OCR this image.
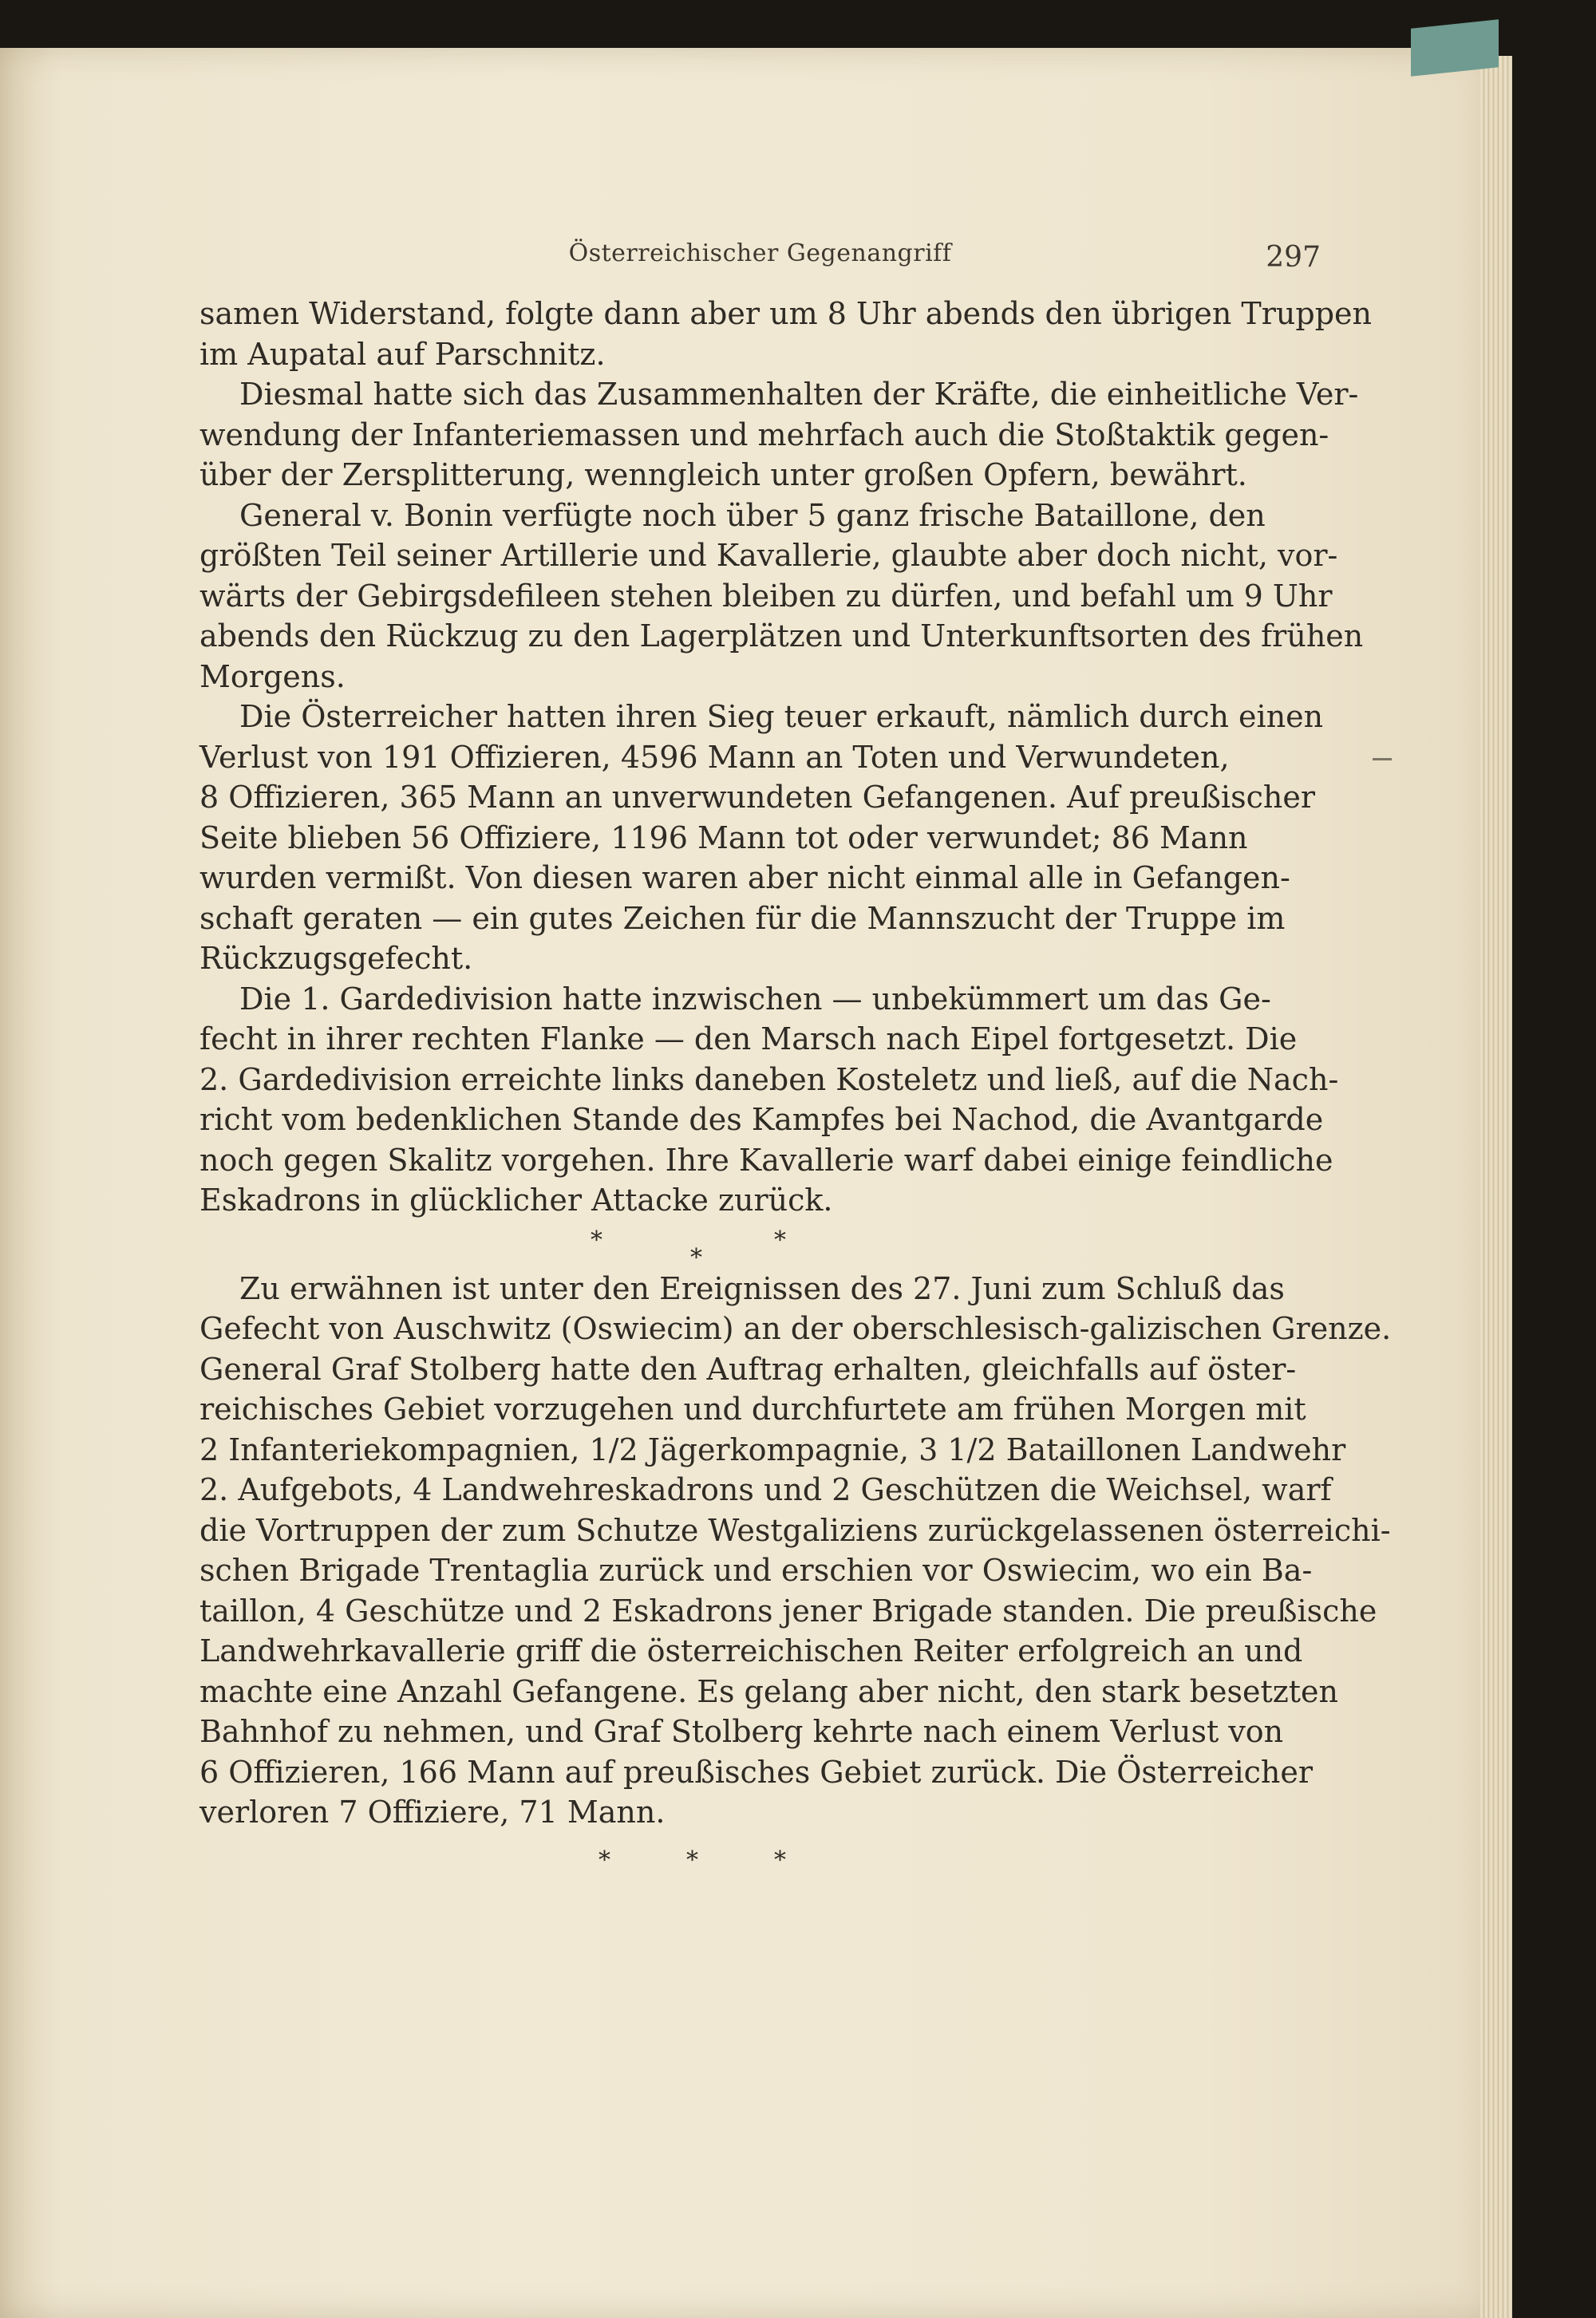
Österreichischer Gegenangriff	297
samen Widerstand, folgte dann aber um 8 Uhr abends den übrigen Truppen
im Aupatal auf Parschnitz.
Diesmal hatte sich das Zusammenhalten der Kräfte, die einheitliche Ver-
wendung der Infanteriemassen und mehrfach auch die Stoßtaktik gegen-
über der Zersplitterung, wenngleich unter großen Opfern, bewährt.
General v. Bonin verfügte noch über 5 ganz frische Bataillone, den
größten Teil seiner Artillerie und Kavallerie, glaubte aber doch nicht, vor-
wärts der Gebirgsdefileen stehen bleiben zu dürfen, und befahl um 9 Uhr
abends den Rückzug zu den Lagerplätzen und Unterkunftsorten des frühen
Morgens.
Die Österreicher hatten ihren Sieg teuer erkauft, nämlich durch einen
Verlust von 191 Offizieren, 4596 Mann an Toten und Verwundeten,
8 Offizieren, 365 Mann an unverwundeten Gefangenen. Auf preußischer
Seite blieben 56 Offiziere, 1196 Mann tot oder verwundet; 86 Mann
wurden vermißt. Von diesen waren aber nicht einmal alle in Gefangen-
schaft geraten — ein gutes Zeichen für die Mannszucht der Truppe im
Rückzugsgefecht.
Die 1. Gardedivision hatte inzwischen — unbekümmert um das Ge-
fecht in ihrer rechten Flanke — den Marsch nach Eipel fortgesetzt. Die
2. Gardedivision erreichte links daneben Kosteletz und ließ, auf die Nach-
richt vom bedenklichen Stande des Kampfes bei Nachod, die Avantgarde
noch gegen Skalitz vorgehen. Ihre Kavallerie warf dabei einige feindliche
Eskadrons in glücklicher Attacke zurück.
*
*
*
Zu erwähnen ist unter den Ereignissen des 27. Juni zum Schluß das
Gefecht von Auschwitz (Oswiecim) an der oberschlesisch-galizischen Grenze.
General Graf Stolberg hatte den Auftrag erhalten, gleichfalls auf öster-
reichisches Gebiet vorzugehen und durchfurtete am frühen Morgen mit
2 Infanteriekompagnien, 1/2 Jägerkompagnie, 3 1/2 Bataillonen Landwehr
2. Aufgebots, 4 Landwehreskadrons und 2 Geschützen die Weichsel, warf
die Vortruppen der zum Schutze Westgaliziens zurückgelassenen österreichi-
schen Brigade Trentaglia zurück und erschien vor Oswiecim, wo ein Ba-
taillon, 4 Geschütze und 2 Eskadrons jener Brigade standen. Die preußische
Landwehrkavallerie griff die österreichischen Reiter erfolgreich an und
machte eine Anzahl Gefangene. Es gelang aber nicht, den stark besetzten
Bahnhof zu nehmen, und Graf Stolberg kehrte nach einem Verlust von
6 Offizieren, 166 Mann auf preußisches Gebiet zurück. Die Österreicher
verloren 7 Offiziere, 71 Mann.
*	*	*
